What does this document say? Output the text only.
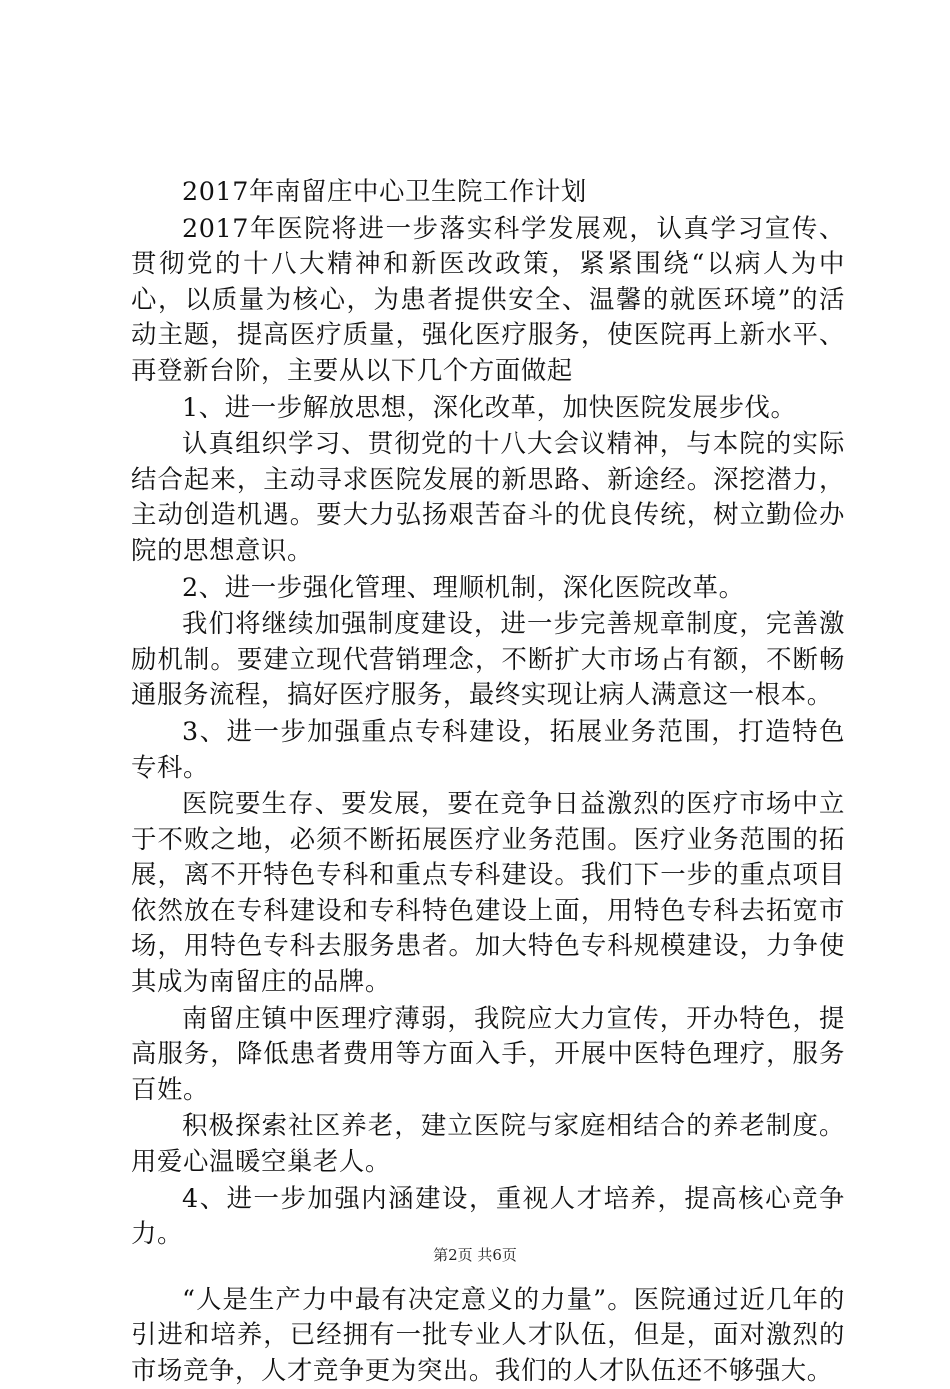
2017年南留庄中心卫生院工作计划

2017年医院将进一步落实科学发展观，认真学习宣传、贯彻党的十八大精神和新医改政策，紧紧围绕“以病人为中心，以质量为核心，为患者提供安全、温馨的就医环境”的活动主题，提高医疗质量，强化医疗服务，使医院再上新水平、再登新台阶，主要从以下几个方面做起

1、进一步解放思想，深化改革，加快医院发展步伐。

认真组织学习、贯彻党的十八大会议精神，与本院的实际结合起来，主动寻求医院发展的新思路、新途经。深挖潜力，主动创造机遇。要大力弘扬艰苦奋斗的优良传统，树立勤俭办院的思想意识。

2、进一步强化管理、理顺机制，深化医院改革。

我们将继续加强制度建设，进一步完善规章制度，完善激励机制。要建立现代营销理念，不断扩大市场占有额，不断畅通服务流程，搞好医疗服务，最终实现让病人满意这一根本。

3、进一步加强重点专科建设，拓展业务范围，打造特色专科。

医院要生存、要发展，要在竞争日益激烈的医疗市场中立于不败之地，必须不断拓展医疗业务范围。医疗业务范围的拓展，离不开特色专科和重点专科建设。我们下一步的重点项目依然放在专科建设和专科特色建设上面，用特色专科去拓宽市场，用特色专科去服务患者。加大特色专科规模建设，力争使其成为南留庄的品牌。

南留庄镇中医理疗薄弱，我院应大力宣传，开办特色，提高服务，降低患者费用等方面入手，开展中医特色理疗，服务百姓。

积极探索社区养老，建立医院与家庭相结合的养老制度。用爱心温暖空巢老人。

4、进一步加强内涵建设，重视人才培养，提高核心竞争力。

“人是生产力中最有决定意义的力量”。医院通过近几年的引进和培养，已经拥有一批专业人才队伍，但是，面对激烈的市场竞争，人才竞争更为突出。我们的人才队伍还不够强大。

第2页 共6页
